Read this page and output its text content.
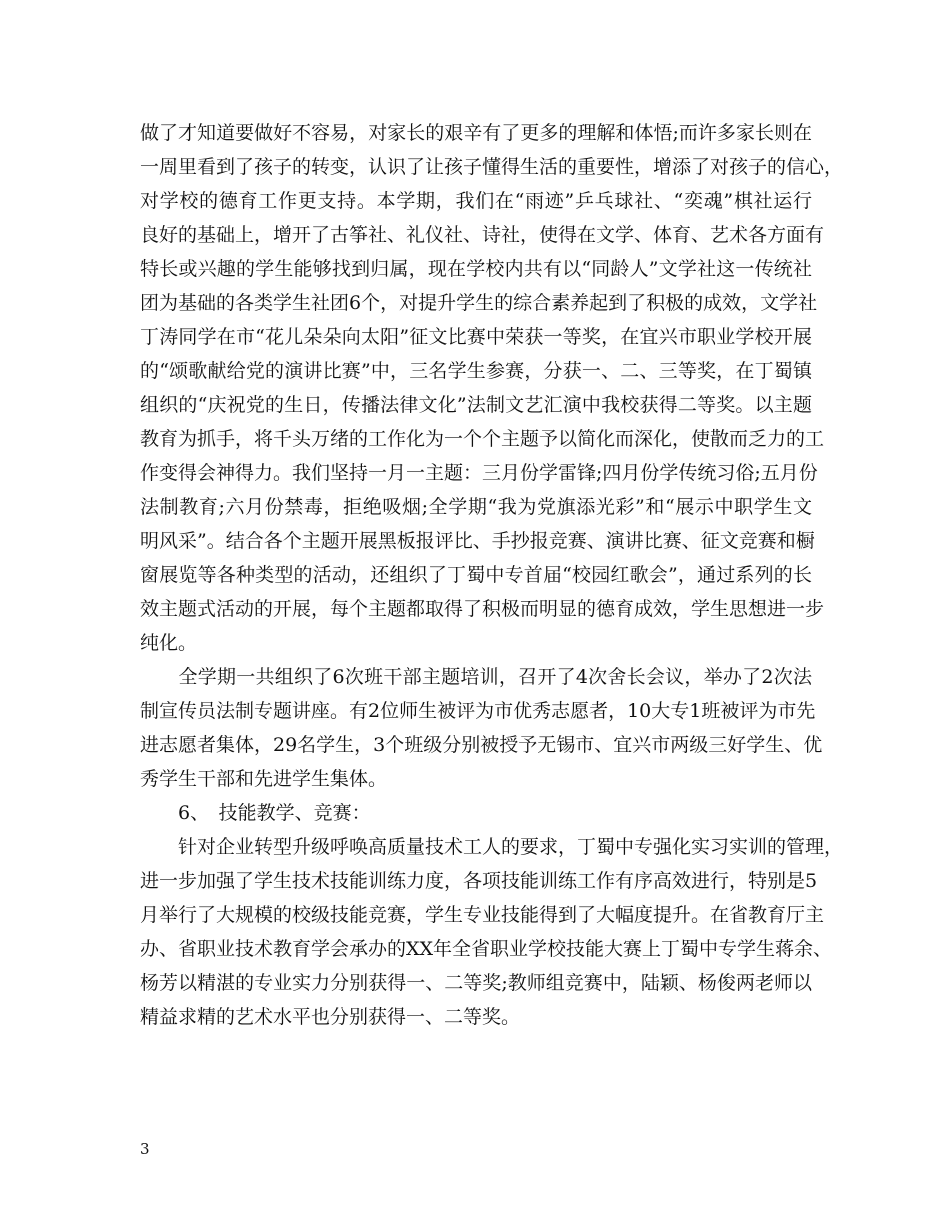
做了才知道要做好不容易，对家长的艰辛有了更多的理解和体悟;而许多家长则在
一周里看到了孩子的转变，认识了让孩子懂得生活的重要性，增添了对孩子的信心，
对学校的德育工作更支持。本学期，我们在“雨迹”乒乓球社、“奕魂”棋社运行
良好的基础上，增开了古筝社、礼仪社、诗社，使得在文学、体育、艺术各方面有
特长或兴趣的学生能够找到归属，现在学校内共有以“同龄人”文学社这一传统社
团为基础的各类学生社团6个，对提升学生的综合素养起到了积极的成效，文学社
丁涛同学在市“花儿朵朵向太阳”征文比赛中荣获一等奖，在宜兴市职业学校开展
的“颂歌献给党的演讲比赛”中，三名学生参赛，分获一、二、三等奖，在丁蜀镇
组织的“庆祝党的生日，传播法律文化”法制文艺汇演中我校获得二等奖。以主题
教育为抓手，将千头万绪的工作化为一个个主题予以简化而深化，使散而乏力的工
作变得会神得力。我们坚持一月一主题：三月份学雷锋;四月份学传统习俗;五月份
法制教育;六月份禁毒，拒绝吸烟;全学期“我为党旗添光彩”和“展示中职学生文
明风采”。结合各个主题开展黑板报评比、手抄报竞赛、演讲比赛、征文竞赛和橱
窗展览等各种类型的活动，还组织了丁蜀中专首届“校园红歌会”，通过系列的长
效主题式活动的开展，每个主题都取得了积极而明显的德育成效，学生思想进一步
纯化。
　　全学期一共组织了6次班干部主题培训，召开了4次舍长会议，举办了2次法
制宣传员法制专题讲座。有2位师生被评为市优秀志愿者，10大专1班被评为市先
进志愿者集体，29名学生，3个班级分别被授予无锡市、宜兴市两级三好学生、优
秀学生干部和先进学生集体。
　　6、　技能教学、竞赛：
　　针对企业转型升级呼唤高质量技术工人的要求，丁蜀中专强化实习实训的管理，
进一步加强了学生技术技能训练力度，各项技能训练工作有序高效进行，特别是5
月举行了大规模的校级技能竞赛，学生专业技能得到了大幅度提升。在省教育厅主
办、省职业技术教育学会承办的XX年全省职业学校技能大赛上丁蜀中专学生蒋余、
杨芳以精湛的专业实力分别获得一、二等奖;教师组竞赛中，陆颖、杨俊两老师以
精益求精的艺术水平也分别获得一、二等奖。
3
